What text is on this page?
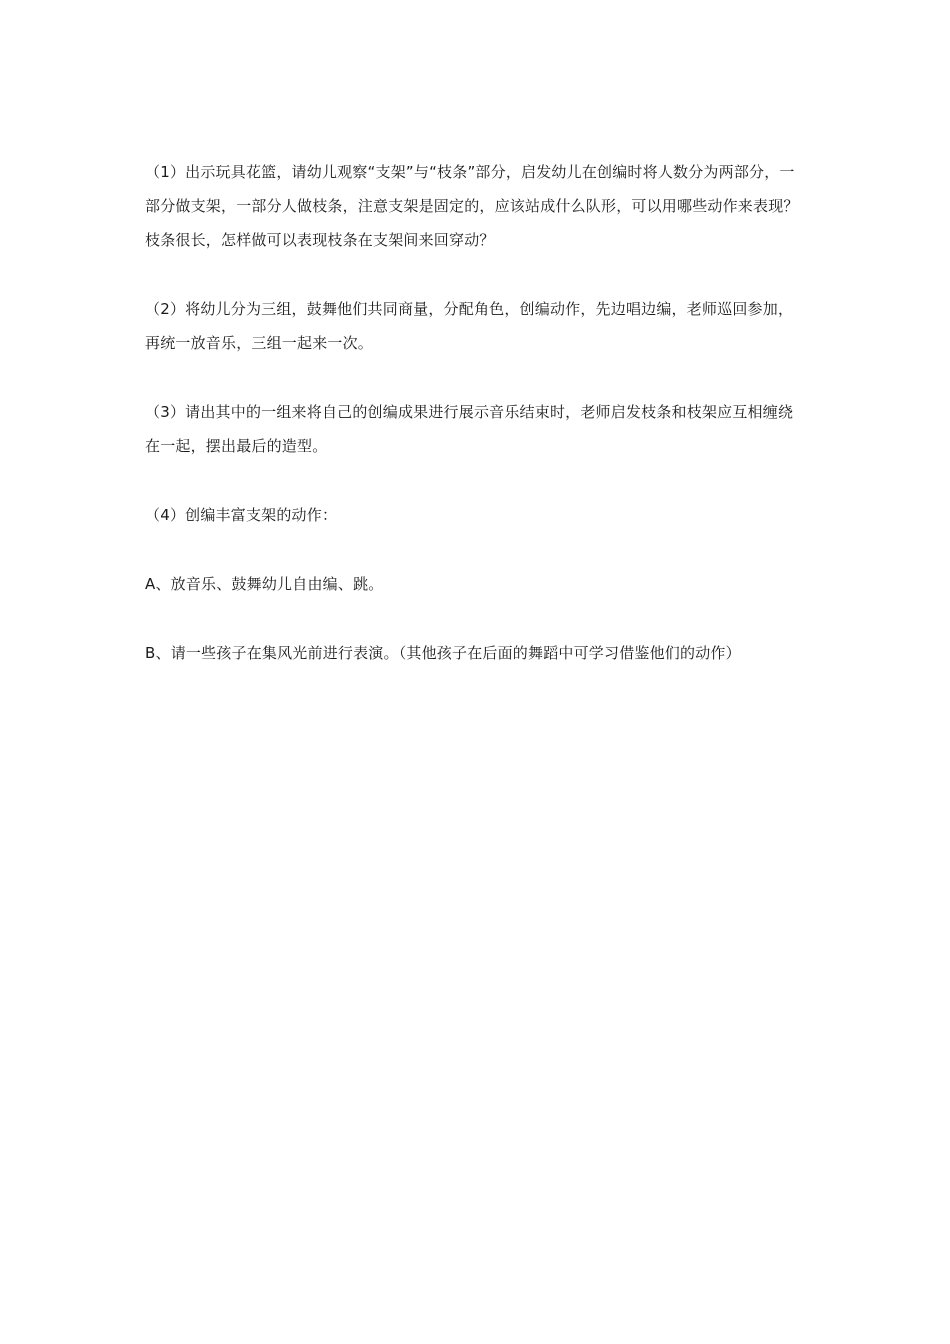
（1）出示玩具花篮，请幼儿观察“支架”与“枝条”部分，启发幼儿在创编时将人数分为两部分，一部分做支架，一部分人做枝条，注意支架是固定的，应该站成什么队形，可以用哪些动作来表现？枝条很长，怎样做可以表现枝条在支架间来回穿动？

（2）将幼儿分为三组，鼓舞他们共同商量，分配角色，创编动作，先边唱边编，老师巡回参加，再统一放音乐，三组一起来一次。

（3）请出其中的一组来将自己的创编成果进行展示音乐结束时，老师启发枝条和枝架应互相缠绕在一起，摆出最后的造型。

（4）创编丰富支架的动作：

A、放音乐、鼓舞幼儿自由编、跳。

B、请一些孩子在集风光前进行表演。（其他孩子在后面的舞蹈中可学习借鉴他们的动作）
